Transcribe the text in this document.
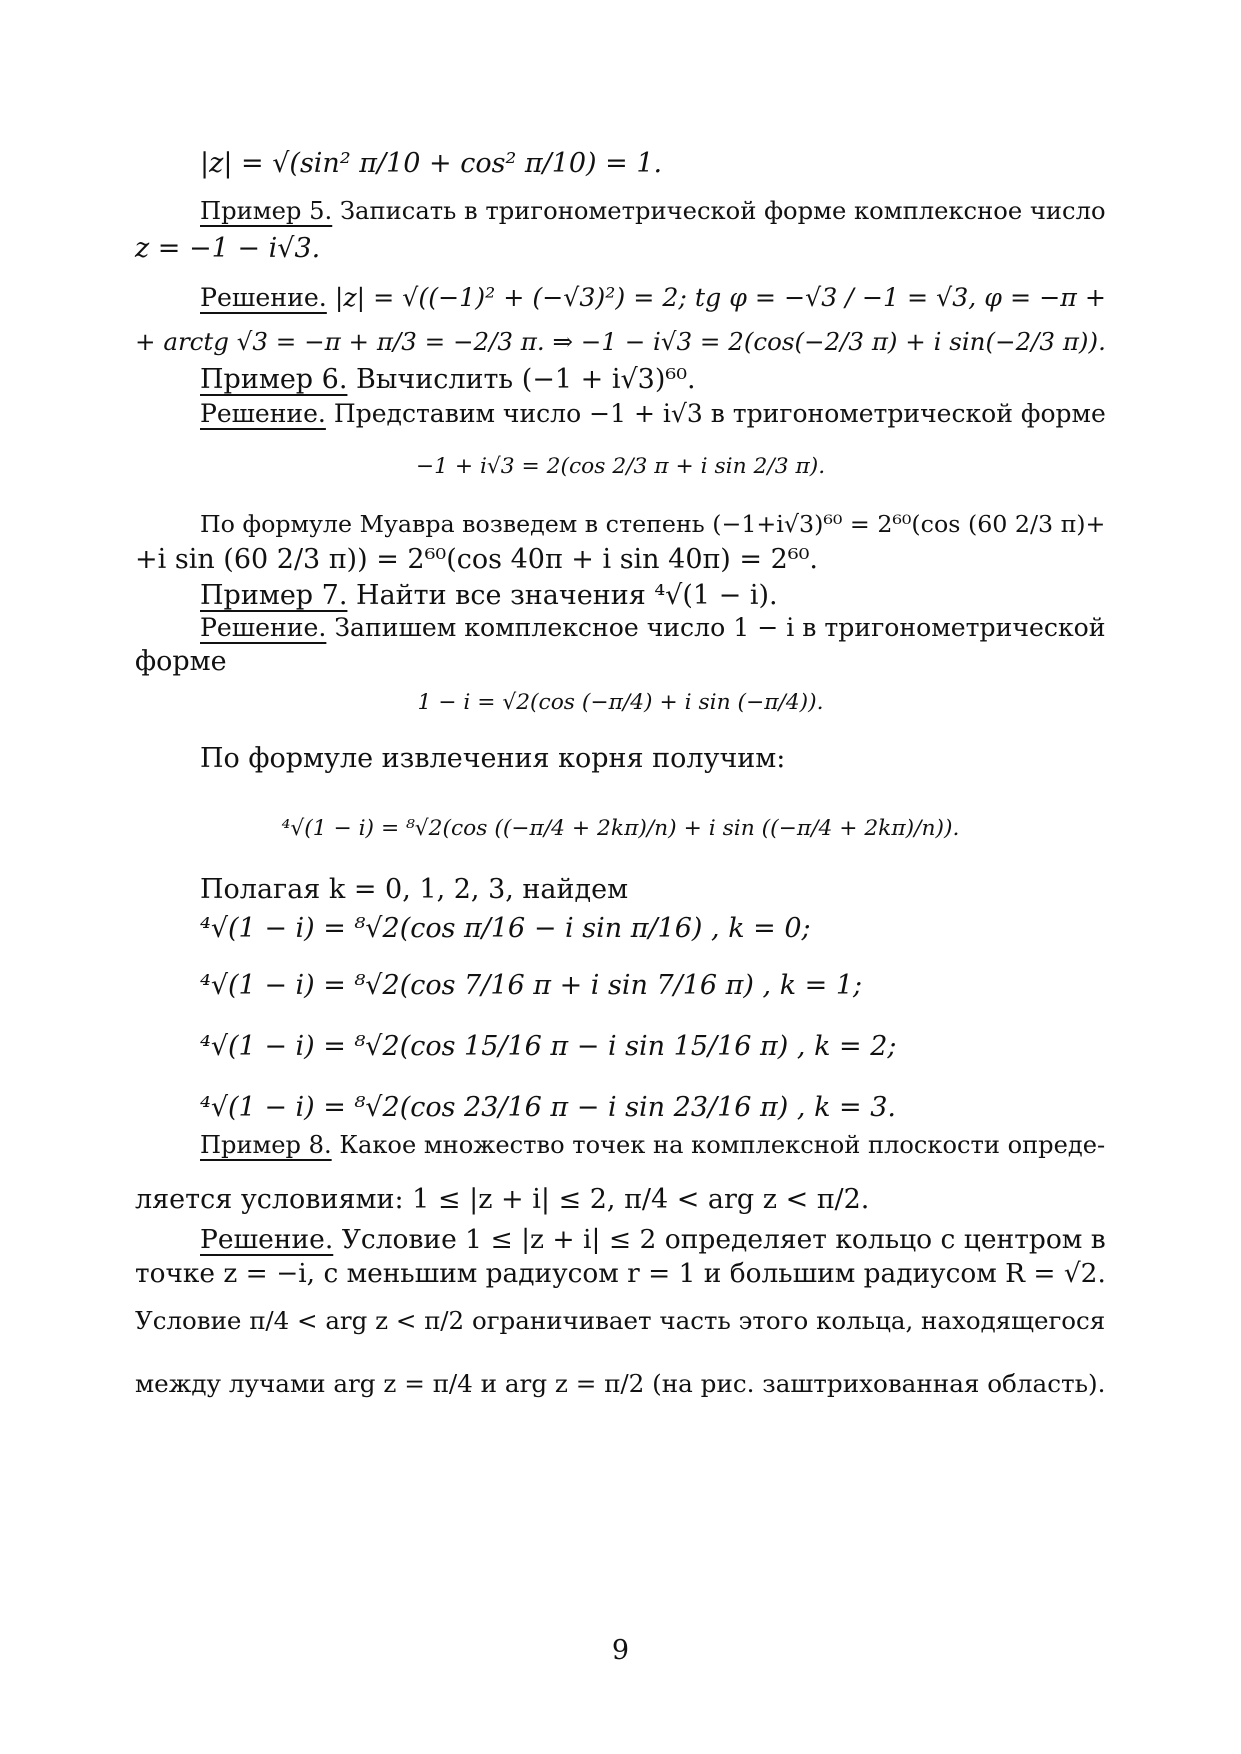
|z| = √(sin² π/10 + cos² π/10) = 1.
Пример 5. Записать в тригонометрической форме комплексное число
z = −1 − i√3.
Решение. |z| = √((−1)² + (−√3)²) = 2; tg φ = −√3 / −1 = √3, φ = −π +
+ arctg √3 = −π + π/3 = −2/3 π. ⇒ −1 − i√3 = 2(cos(−2/3 π) + i sin(−2/3 π)).
Пример 6. Вычислить (−1 + i√3)⁶⁰.
Решение. Представим число −1 + i√3 в тригонометрической форме
−1 + i√3 = 2(cos 2/3 π + i sin 2/3 π).
По формуле Муавра возведем в степень (−1+i√3)⁶⁰ = 2⁶⁰(cos (60 2/3 π)+
+i sin (60 2/3 π)) = 2⁶⁰(cos 40π + i sin 40π) = 2⁶⁰.
Пример 7. Найти все значения ⁴√(1 − i).
Решение. Запишем комплексное число 1 − i в тригонометрической
форме
1 − i = √2(cos (−π/4) + i sin (−π/4)).
По формуле извлечения корня получим:
⁴√(1 − i) = ⁸√2(cos ((−π/4 + 2kπ)/n) + i sin ((−π/4 + 2kπ)/n)).
Полагая k = 0, 1, 2, 3, найдем
⁴√(1 − i) = ⁸√2(cos π/16 − i sin π/16) , k = 0;
⁴√(1 − i) = ⁸√2(cos 7/16 π + i sin 7/16 π) , k = 1;
⁴√(1 − i) = ⁸√2(cos 15/16 π − i sin 15/16 π) , k = 2;
⁴√(1 − i) = ⁸√2(cos 23/16 π − i sin 23/16 π) , k = 3.
Пример 8. Какое множество точек на комплексной плоскости опреде-
ляется условиями: 1 ≤ |z + i| ≤ 2, π/4 < arg z < π/2.
Решение. Условие 1 ≤ |z + i| ≤ 2 определяет кольцо с центром в
точке z = −i, с меньшим радиусом r = 1 и большим радиусом R = √2.
Условие π/4 < arg z < π/2 ограничивает часть этого кольца, находящегося
между лучами arg z = π/4 и arg z = π/2 (на рис. заштрихованная область).
9
